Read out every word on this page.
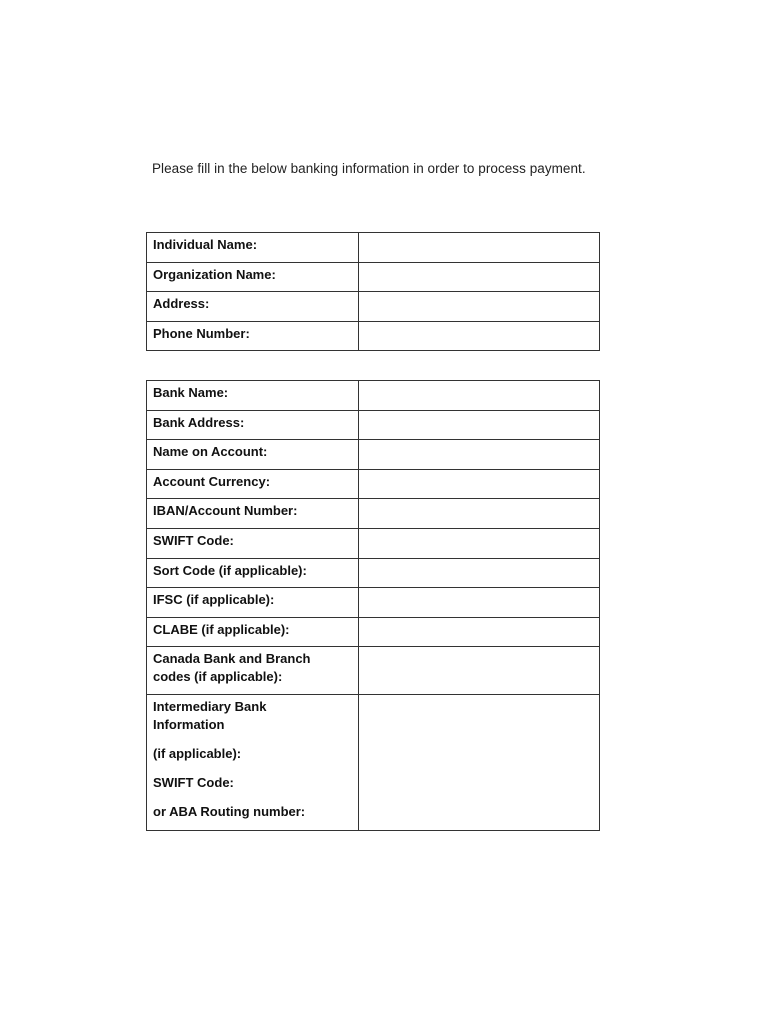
Please fill in the below banking information in order to process payment.

Individual Name:	
Organization Name:	
Address:	
Phone Number:	
Bank Name:	
Bank Address:	
Name on Account:	
Account Currency:	
IBAN/Account Number:	
SWIFT Code:	
Sort Code (if applicable):	
IFSC (if applicable):	
CLABE (if applicable):	

Canada Bank and Branch
codes (if applicable):	

Intermediary Bank
Information
(if applicable):
SWIFT Code:
or ABA Routing number:	
